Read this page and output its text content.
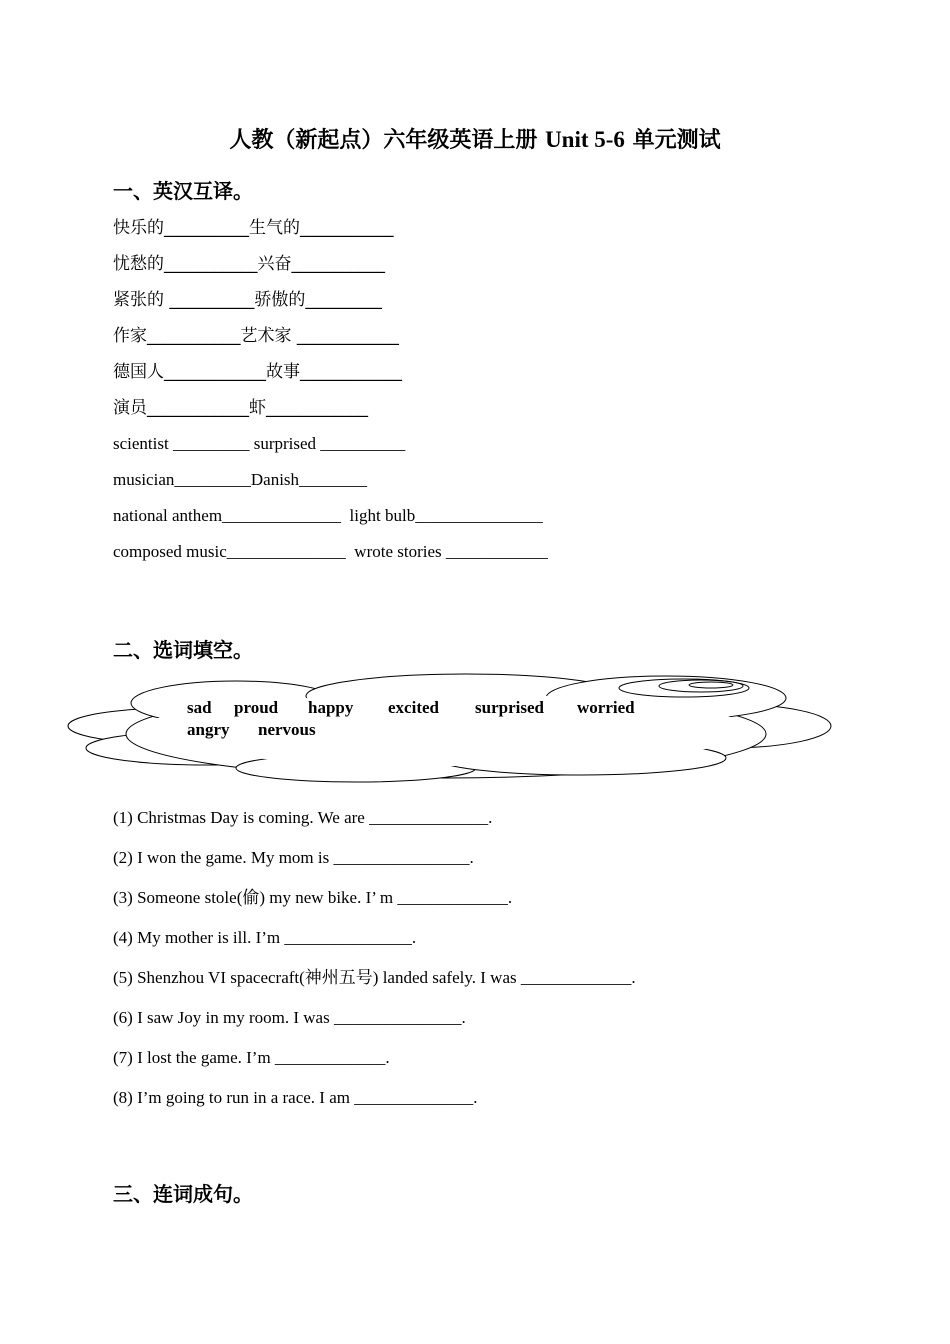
人教（新起点）六年级英语上册 Unit 5-6 单元测试
一、英汉互译。
快乐的__________生气的___________
忧愁的___________兴奋___________
紧张的 __________骄傲的_________
作家___________艺术家 ____________
德国人____________故事____________
演员____________虾____________
scientist _________ surprised __________
musician_________Danish________
national anthem______________  light bulb_______________
composed music______________  wrote stories ____________
二、选词填空。
sad proud happy excited surprised worried
angry nervous
(1) Christmas Day is coming. We are ______________.
(2) I won the game. My mom is ________________.
(3) Someone stole(偷) my new bike. I’ m _____________.
(4) My mother is ill. I’m _______________.
(5) Shenzhou VI spacecraft(神州五号) landed safely. I was _____________.
(6) I saw Joy in my room. I was _______________.
(7) I lost the game. I’m _____________.
(8) I’m going to run in a race. I am ______________.
三、连词成句。
